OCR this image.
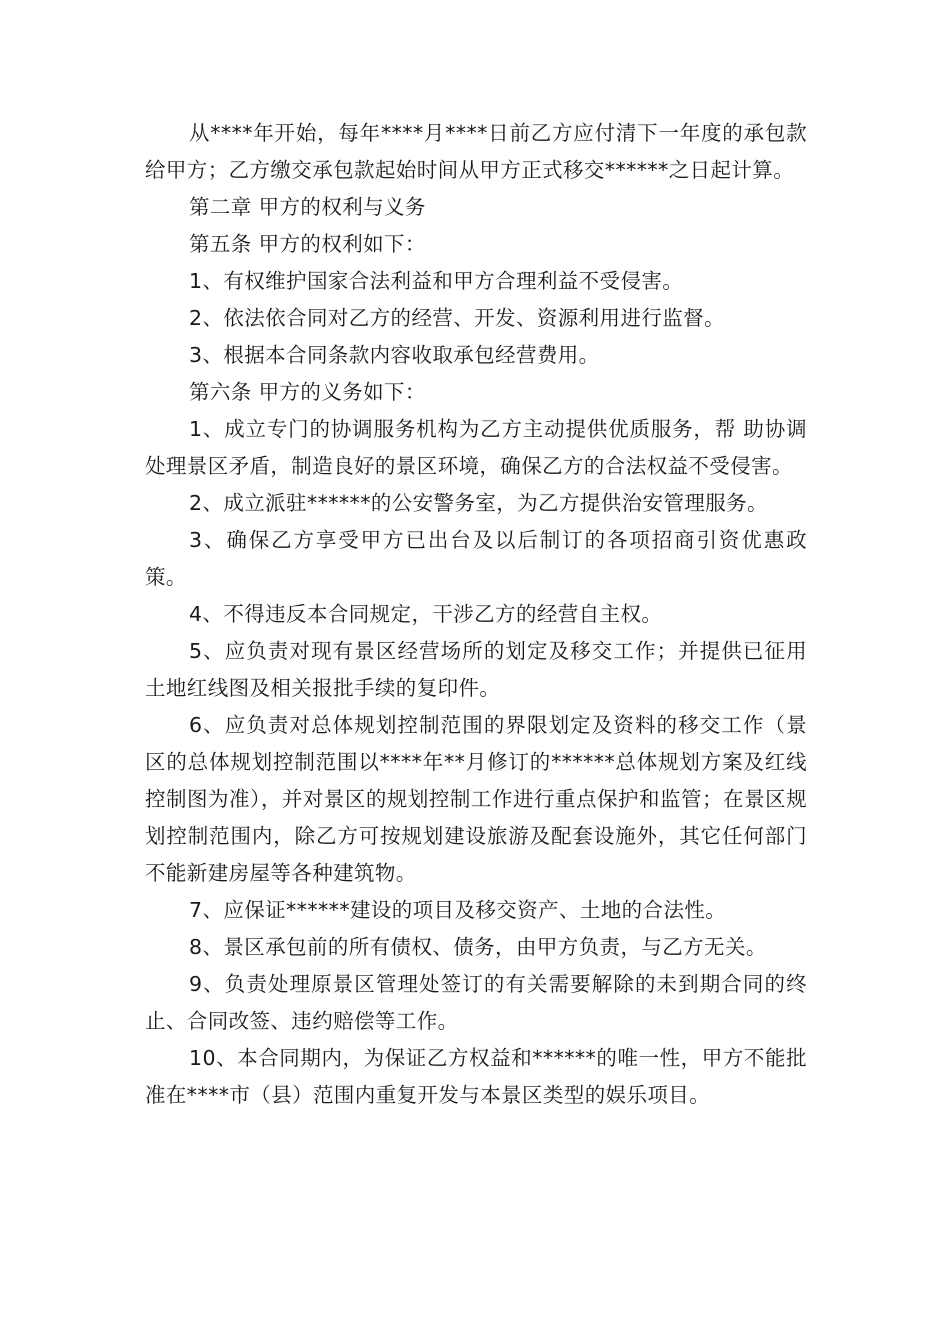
从****年开始，每年****月****日前乙方应付清下一年度的承包款给甲方；乙方缴交承包款起始时间从甲方正式移交******之日起计算。

第二章 甲方的权利与义务

第五条 甲方的权利如下：

1、有权维护国家合法利益和甲方合理利益不受侵害。

2、依法依合同对乙方的经营、开发、资源利用进行监督。

3、根据本合同条款内容收取承包经营费用。

第六条 甲方的义务如下：

1、成立专门的协调服务机构为乙方主动提供优质服务，帮 助协调处理景区矛盾，制造良好的景区环境，确保乙方的合法权益不受侵害。

2、成立派驻******的公安警务室，为乙方提供治安管理服务。

3、确保乙方享受甲方已出台及以后制订的各项招商引资优惠政策。

4、不得违反本合同规定，干涉乙方的经营自主权。

5、应负责对现有景区经营场所的划定及移交工作；并提供已征用土地红线图及相关报批手续的复印件。

6、应负责对总体规划控制范围的界限划定及资料的移交工作（景区的总体规划控制范围以****年**月修订的******总体规划方案及红线控制图为准），并对景区的规划控制工作进行重点保护和监管；在景区规划控制范围内，除乙方可按规划建设旅游及配套设施外，其它任何部门不能新建房屋等各种建筑物。

7、应保证******建设的项目及移交资产、土地的合法性。

8、景区承包前的所有债权、债务，由甲方负责，与乙方无关。

9、负责处理原景区管理处签订的有关需要解除的未到期合同的终止、合同改签、违约赔偿等工作。

10、本合同期内，为保证乙方权益和******的唯一性，甲方不能批准在****市（县）范围内重复开发与本景区类型的娱乐项目。
